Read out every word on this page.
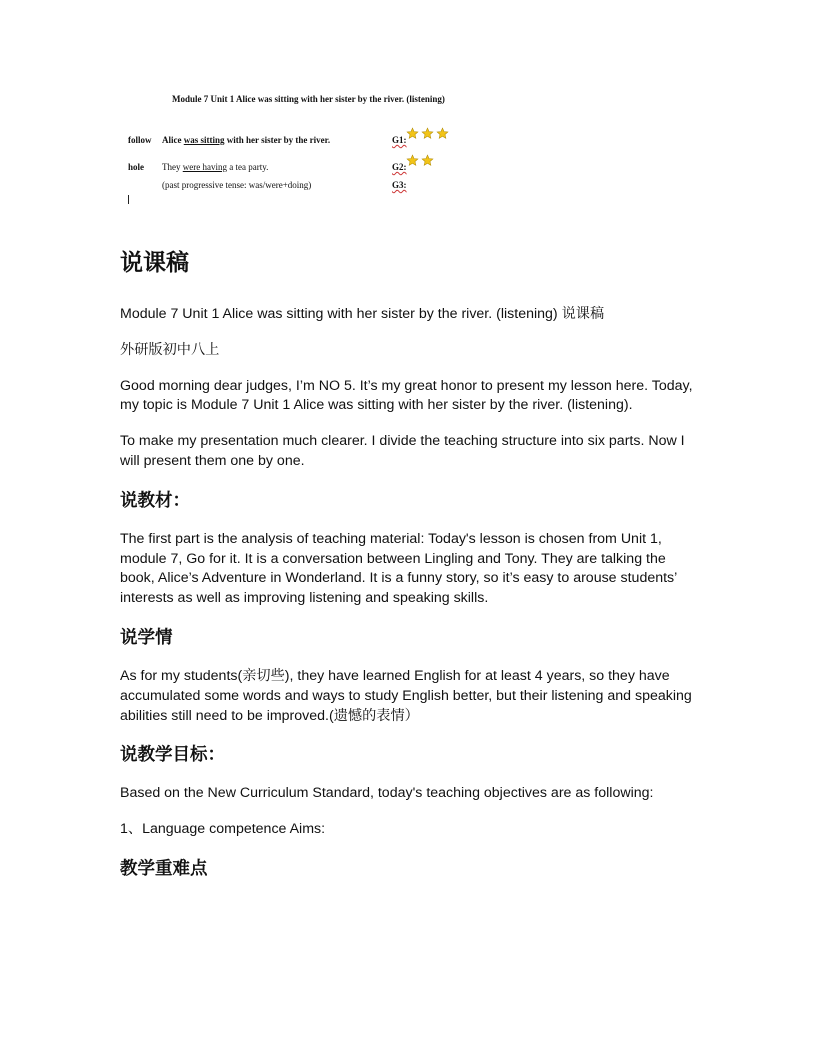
Module 7 Unit 1 Alice was sitting with her sister by the river. (listening)
follow Alice was sitting with her sister by the river.	G1:
hole They were having a tea party.	G2:
(past progressive tense: was/were+doing)	G3:
说课稿

Module 7 Unit 1 Alice was sitting with her sister by the river. (listening) 说课稿

外研版初中八上

Good morning dear judges, I’m NO 5. It’s my great honor to present my lesson here. Today, my topic is Module 7 Unit 1 Alice was sitting with her sister by the river. (listening).

To make my presentation much clearer. I divide the teaching structure into six parts. Now I will present them one by one.

说教材：

The first part is the analysis of teaching material: Today's lesson is chosen from Unit 1, module 7, Go for it. It is a conversation between Lingling and Tony. They are talking the book, Alice’s Adventure in Wonderland. It is a funny story, so it’s easy to arouse students’ interests as well as improving listening and speaking skills.

说学情

As for my students(亲切些), they have learned English for at least 4 years, so they have accumulated some words and ways to study English better, but their listening and speaking abilities still need to be improved.(遗憾的表情）

说教学目标：

Based on the New Curriculum Standard, today's teaching objectives are as following:

1、Language competence Aims:

教学重难点
